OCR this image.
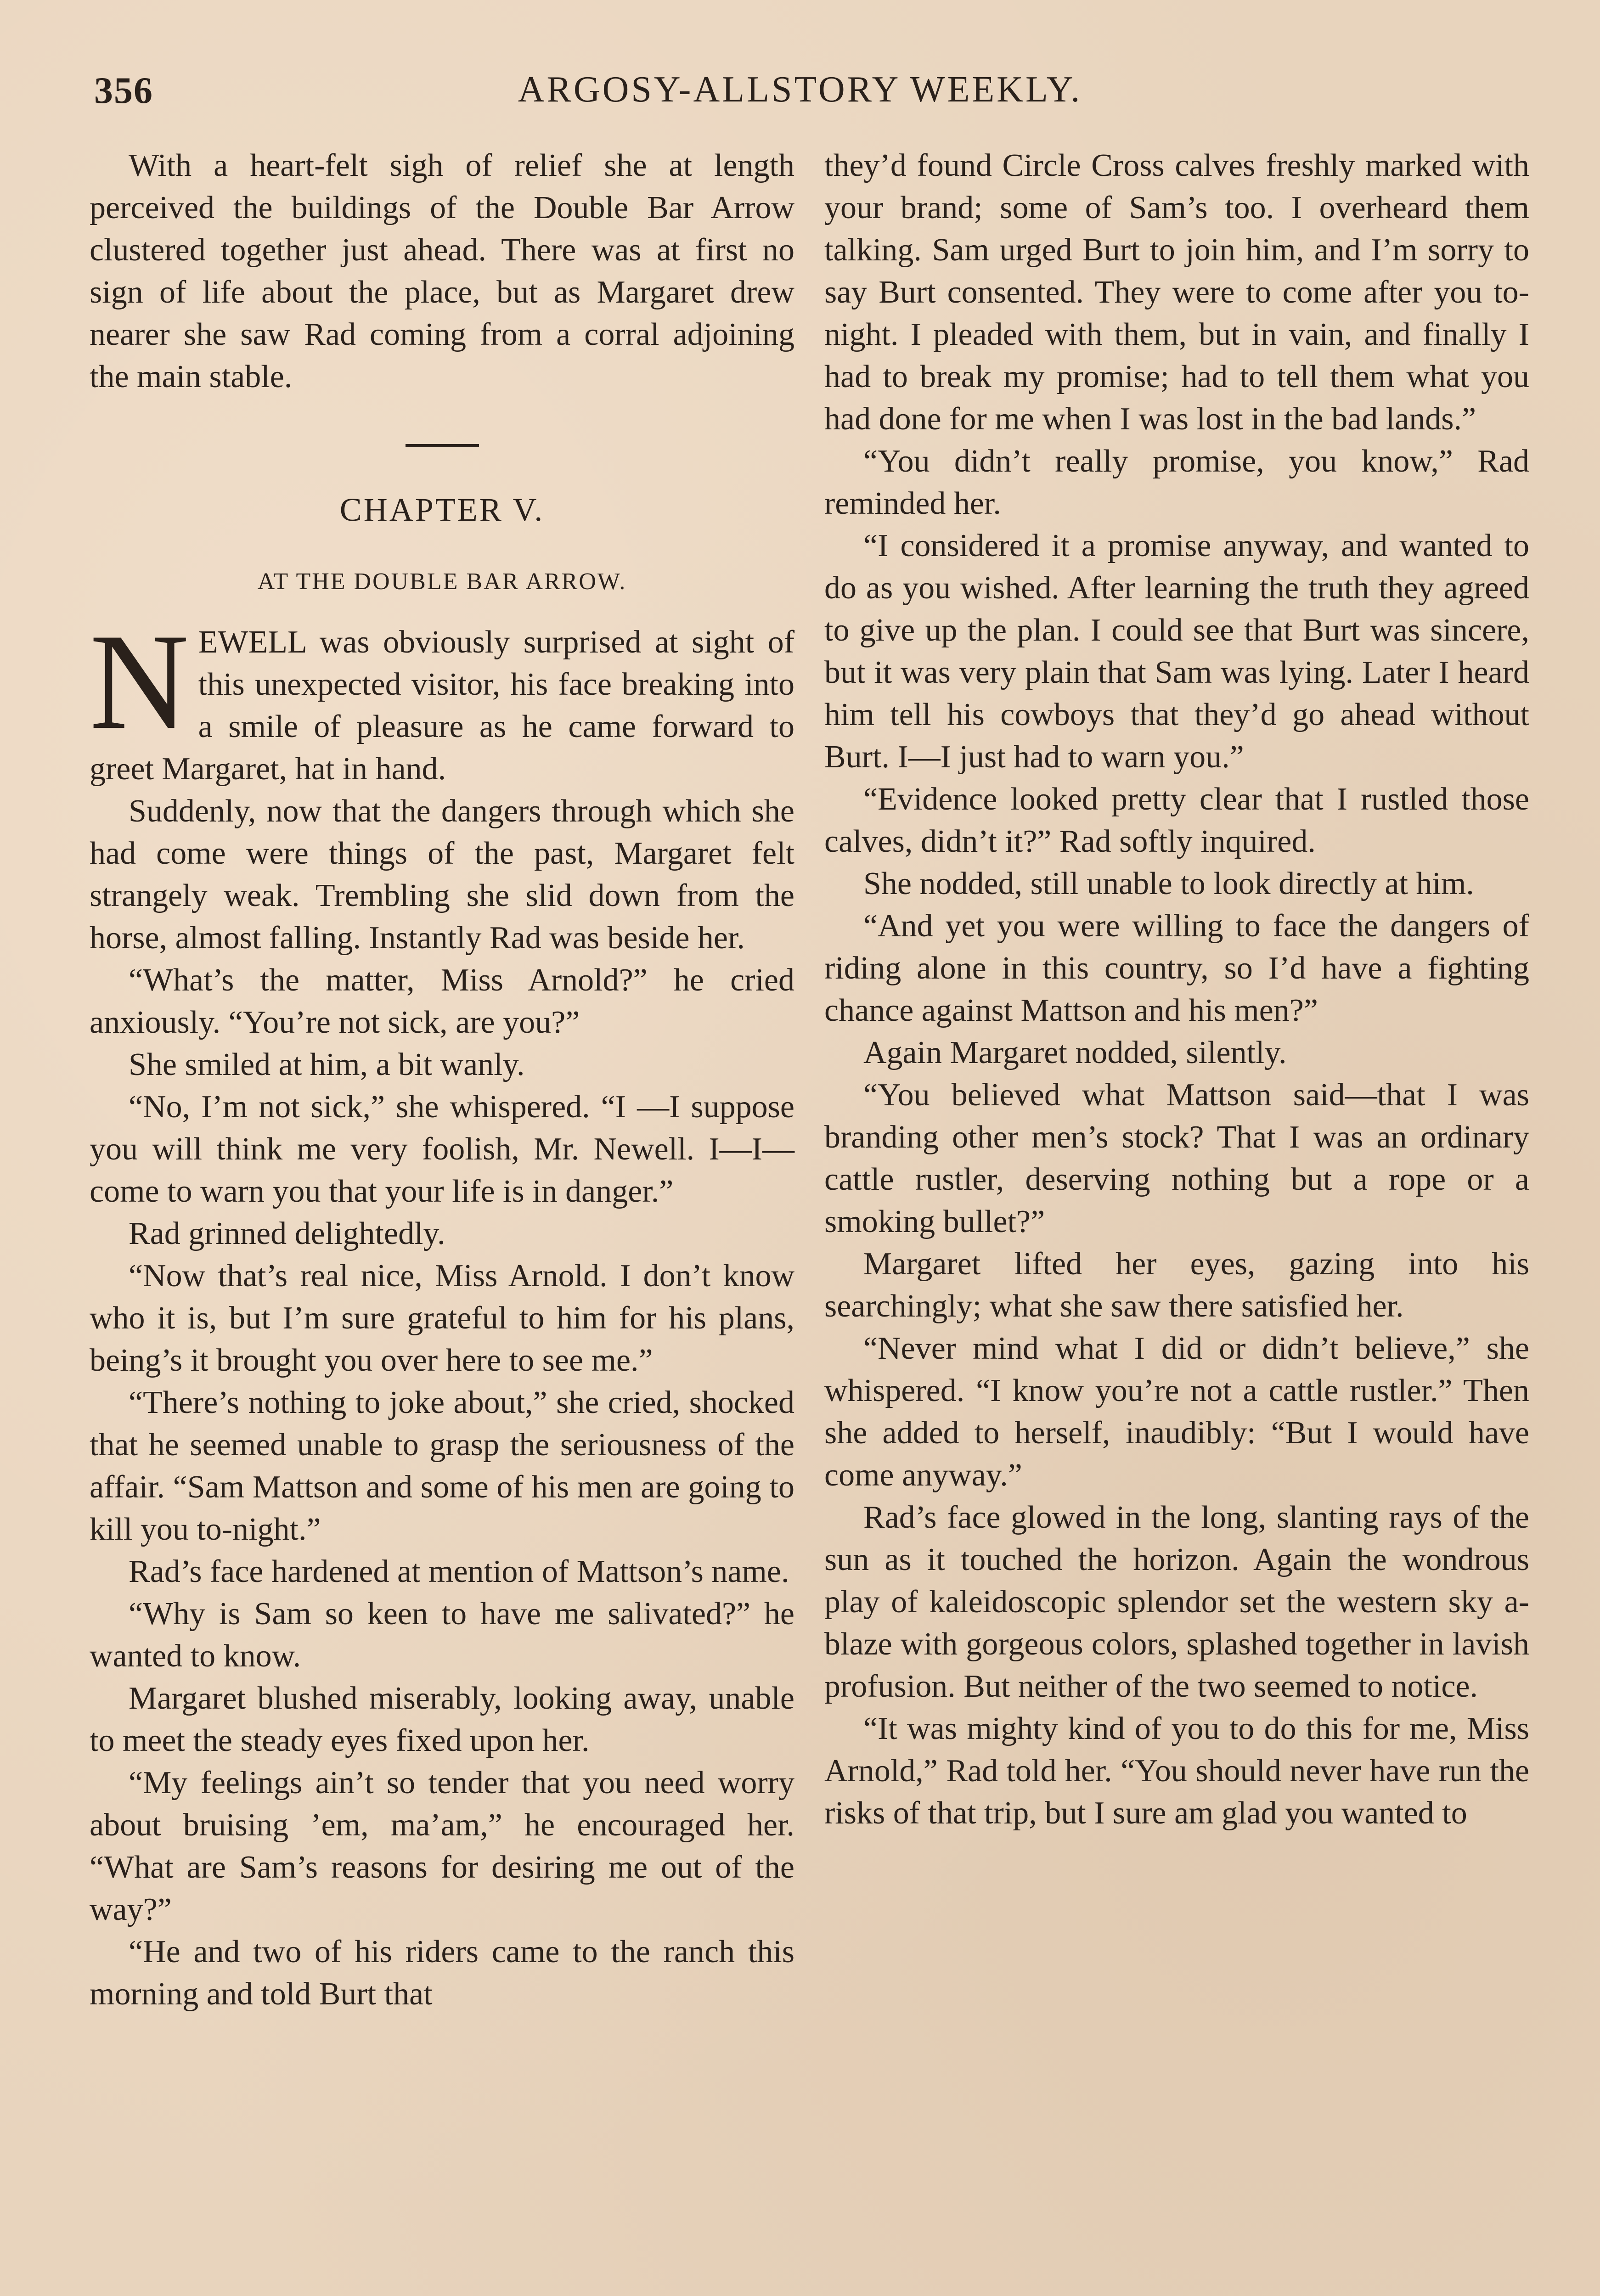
356	ARGOSY-ALLSTORY WEEKLY.

With a heart-felt sigh of relief she at length perceived the buildings of the Double Bar Arrow clustered together just ahead. There was at first no sign of life about the place, but as Margaret drew nearer she saw Rad coming from a corral adjoining the main stable.

CHAPTER V.
AT THE DOUBLE BAR ARROW.

NEWELL was obviously surprised at sight of this unexpected visitor, his face breaking into a smile of pleasure as he came forward to greet Margaret, hat in hand.

Suddenly, now that the dangers through which she had come were things of the past, Margaret felt strangely weak. Trembling she slid down from the horse, almost falling. Instantly Rad was beside her.

“What’s the matter, Miss Arnold?” he cried anxiously. “You’re not sick, are you?”

She smiled at him, a bit wanly.

“No, I’m not sick,” she whispered. “I —I suppose you will think me very foolish, Mr. Newell. I—I—come to warn you that your life is in danger.”

Rad grinned delightedly.

“Now that’s real nice, Miss Arnold. I don’t know who it is, but I’m sure grateful to him for his plans, being’s it brought you over here to see me.”

“There’s nothing to joke about,” she cried, shocked that he seemed unable to grasp the seriousness of the affair. “Sam Mattson and some of his men are going to kill you to-night.”

Rad’s face hardened at mention of Mattson’s name.

“Why is Sam so keen to have me salivated?” he wanted to know.

Margaret blushed miserably, looking away, unable to meet the steady eyes fixed upon her.

“My feelings ain’t so tender that you need worry about bruising ’em, ma’am,” he encouraged her. “What are Sam’s reasons for desiring me out of the way?”

“He and two of his riders came to the ranch this morning and told Burt that

they’d found Circle Cross calves freshly marked with your brand; some of Sam’s too. I overheard them talking. Sam urged Burt to join him, and I’m sorry to say Burt consented. They were to come after you to-night. I pleaded with them, but in vain, and finally I had to break my promise; had to tell them what you had done for me when I was lost in the bad lands.”

“You didn’t really promise, you know,” Rad reminded her.

“I considered it a promise anyway, and wanted to do as you wished. After learning the truth they agreed to give up the plan. I could see that Burt was sincere, but it was very plain that Sam was lying. Later I heard him tell his cowboys that they’d go ahead without Burt. I—I just had to warn you.”

“Evidence looked pretty clear that I rustled those calves, didn’t it?” Rad softly inquired.

She nodded, still unable to look directly at him.

“And yet you were willing to face the dangers of riding alone in this country, so I’d have a fighting chance against Mattson and his men?”

Again Margaret nodded, silently.

“You believed what Mattson said—that I was branding other men’s stock? That I was an ordinary cattle rustler, deserving nothing but a rope or a smoking bullet?”

Margaret lifted her eyes, gazing into his searchingly; what she saw there satisfied her.

“Never mind what I did or didn’t believe,” she whispered. “I know you’re not a cattle rustler.” Then she added to herself, inaudibly: “But I would have come anyway.”

Rad’s face glowed in the long, slanting rays of the sun as it touched the horizon. Again the wondrous play of kaleidoscopic splendor set the western sky a-blaze with gorgeous colors, splashed together in lavish profusion. But neither of the two seemed to notice.

“It was mighty kind of you to do this for me, Miss Arnold,” Rad told her. “You should never have run the risks of that trip, but I sure am glad you wanted to
